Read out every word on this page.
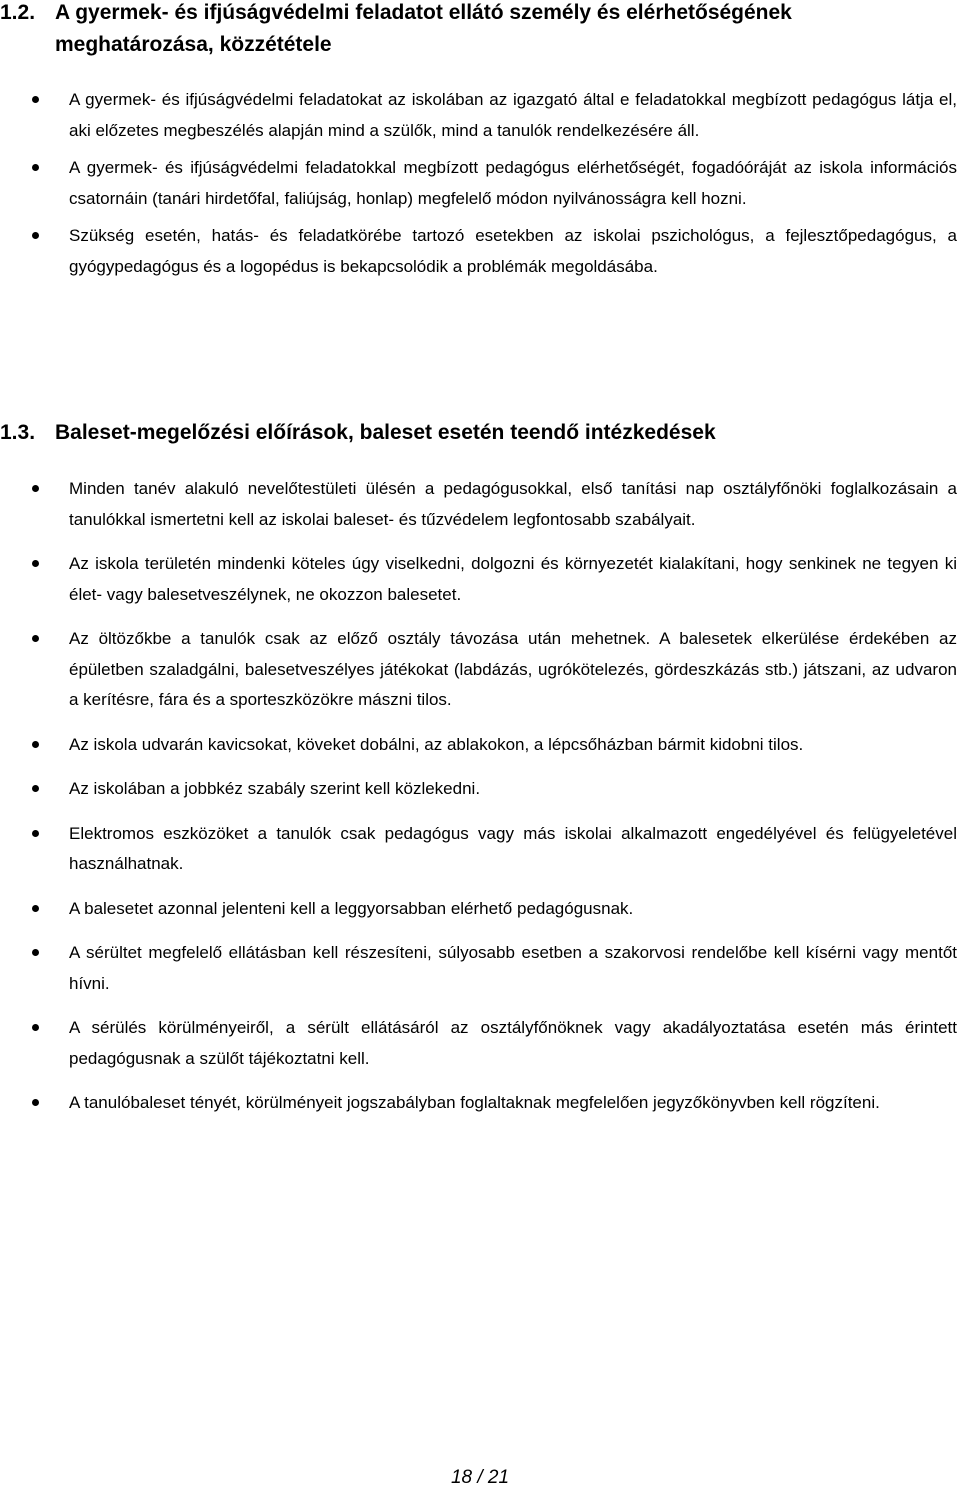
1.2. A gyermek- és ifjúságvédelmi feladatot ellátó személy és elérhetőségének meghatározása, közzététele
A gyermek- és ifjúságvédelmi feladatokat az iskolában az igazgató által e feladatokkal megbízott pedagógus látja el, aki előzetes megbeszélés alapján mind a szülők, mind a tanulók rendelkezésére áll.
A gyermek- és ifjúságvédelmi feladatokkal megbízott pedagógus elérhetőségét, fogadóóráját az iskola információs csatornáin (tanári hirdetőfal, faliújság, honlap) megfelelő módon nyilvánosságra kell hozni.
Szükség esetén, hatás- és feladatkörébe tartozó esetekben az iskolai pszichológus, a fejlesztőpedagógus, a gyógypedagógus és a logopédus is bekapcsolódik a problémák megoldásába.
1.3. Baleset-megelőzési előírások, baleset esetén teendő intézkedések
Minden tanév alakuló nevelőtestületi ülésén a pedagógusokkal, első tanítási nap osztályfőnöki foglalkozásain a tanulókkal ismertetni kell az iskolai baleset- és tűzvédelem legfontosabb szabályait.
Az iskola területén mindenki köteles úgy viselkedni, dolgozni és környezetét kialakítani, hogy senkinek ne tegyen ki élet- vagy balesetveszélynek, ne okozzon balesetet.
Az öltözőkbe a tanulók csak az előző osztály távozása után mehetnek. A balesetek elkerülése érdekében az épületben szaladgálni, balesetveszélyes játékokat (labdázás, ugrókötelezés, gördeszkázás stb.) játszani, az udvaron a kerítésre, fára és a sporteszközökre mászni tilos.
Az iskola udvarán kavicsokat, köveket dobálni, az ablakokon, a lépcsőházban bármit kidobni tilos.
Az iskolában a jobbkéz szabály szerint kell közlekedni.
Elektromos eszközöket a tanulók csak pedagógus vagy más iskolai alkalmazott engedélyével és felügyeletével használhatnak.
A balesetet azonnal jelenteni kell a leggyorsabban elérhető pedagógusnak.
A sérültet megfelelő ellátásban kell részesíteni, súlyosabb esetben a szakorvosi rendelőbe kell kísérni vagy mentőt hívni.
A sérülés körülményeiről, a sérült ellátásáról az osztályfőnöknek vagy akadályoztatása esetén más érintett pedagógusnak a szülőt tájékoztatni kell.
A tanulóbaleset tényét, körülményeit jogszabályban foglaltaknak megfelelően jegyzőkönyvben kell rögzíteni.
18 / 21
